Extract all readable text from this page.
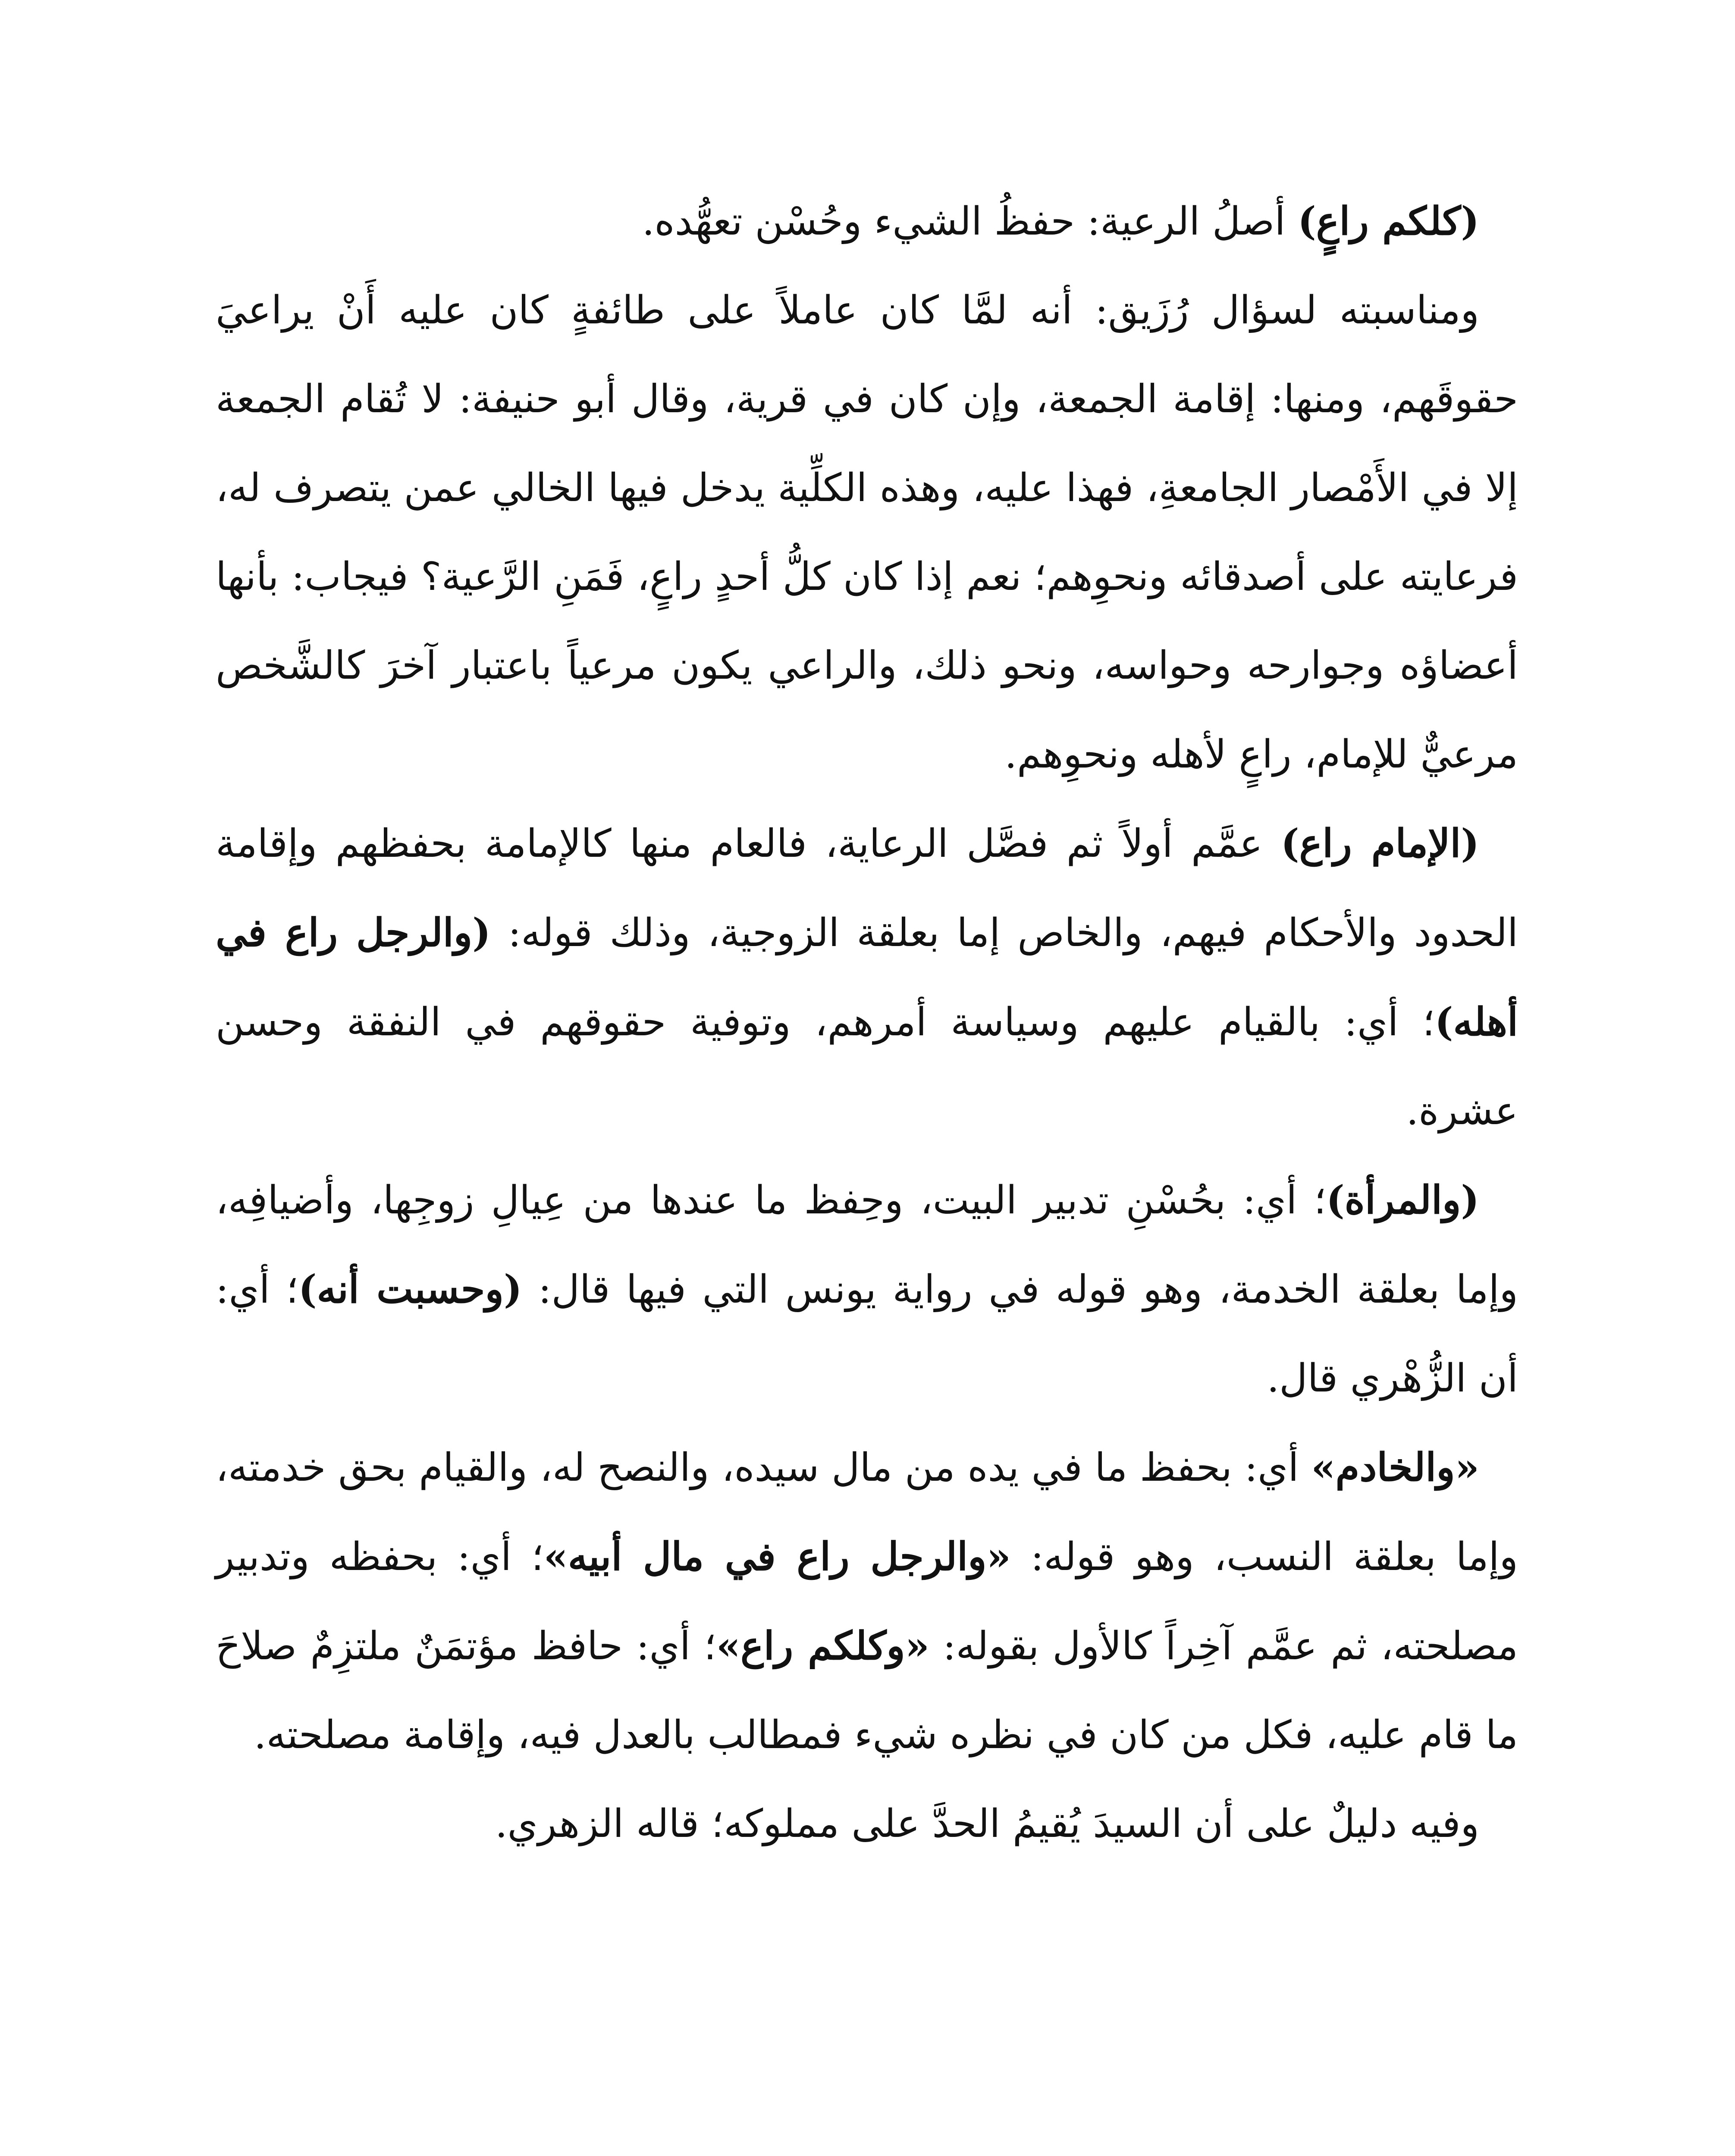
(كلكم راعٍ) أصلُ الرعية: حفظُ الشيء وحُسْن تعهُّده.

ومناسبته لسؤال رُزَيق: أنه لمَّا كان عاملاً على طائفةٍ كان عليه أَنْ يراعيَ حقوقَهم، ومنها: إقامة الجمعة، وإن كان في قرية، وقال أبو حنيفة: لا تُقام الجمعة إلا في الأَمْصار الجامعةِ، فهذا عليه، وهذه الكلِّية يدخل فيها الخالي عمن يتصرف له، فرعايته على أصدقائه ونحوِهم؛ نعم إذا كان كلُّ أحدٍ راعٍ، فَمَنِ الرَّعية؟ فيجاب: بأنها أعضاؤه وجوارحه وحواسه، ونحو ذلك، والراعي يكون مرعياً باعتبار آخرَ كالشَّخص مرعيٌّ للإمام، راعٍ لأهله ونحوِهم.

(الإمام راع) عمَّم أولاً ثم فصَّل الرعاية، فالعام منها كالإمامة بحفظهم وإقامة الحدود والأحكام فيهم، والخاص إما بعلقة الزوجية، وذلك قوله: (والرجل راع في أهله)؛ أي: بالقيام عليهم وسياسة أمرهم، وتوفية حقوقهم في النفقة وحسن عشرة.

(والمرأة)؛ أي: بحُسْنِ تدبير البيت، وحِفظ ما عندها من عِيالِ زوجِها، وأضيافِه، وإما بعلقة الخدمة، وهو قوله في رواية يونس التي فيها قال: (وحسبت أنه)؛ أي: أن الزُّهْري قال.

«والخادم» أي: بحفظ ما في يده من مال سيده، والنصح له، والقيام بحق خدمته، وإما بعلقة النسب، وهو قوله: «والرجل راع في مال أبيه»؛ أي: بحفظه وتدبير مصلحته، ثم عمَّم آخِراً كالأول بقوله: «وكلكم راع»؛ أي: حافظ مؤتمَنٌ ملتزِمٌ صلاحَ ما قام عليه، فكل من كان في نظره شيء فمطالب بالعدل فيه، وإقامة مصلحته.

وفيه دليلٌ على أن السيدَ يُقيمُ الحدَّ على مملوكه؛ قاله الزهري.
